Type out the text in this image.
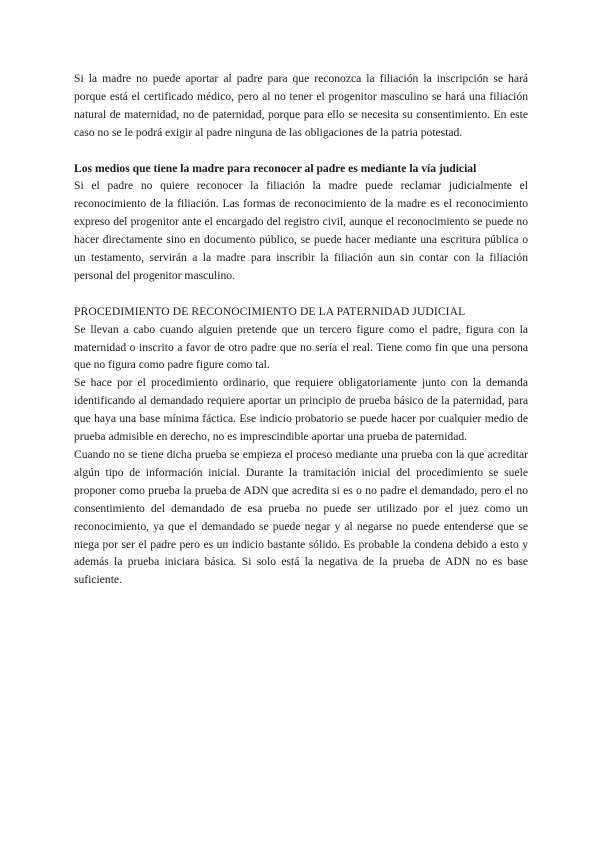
Si la madre no puede aportar al padre para que reconozca la filiación la inscripción se hará porque está el certificado médico, pero al no tener el progenitor masculino se hará una filiación natural de maternidad, no de paternidad, porque para ello se necesita su consentimiento. En este caso no se le podrá exigir al padre ninguna de las obligaciones de la patria potestad.

Los medios que tiene la madre para reconocer al padre es mediante la vía judicial

Si el padre no quiere reconocer la filiación la madre puede reclamar judicialmente el reconocimiento de la filiación. Las formas de reconocimiento de la madre es el reconocimiento expreso del progenitor ante el encargado del registro civil, aunque el reconocimiento se puede no hacer directamente sino en documento público, se puede hacer mediante una escritura pública o un testamento, servirán a la madre para inscribir la filiación aun sin contar con la filiación personal del progenitor masculino.

PROCEDIMIENTO DE RECONOCIMIENTO DE LA PATERNIDAD JUDICIAL

Se llevan a cabo cuando alguien pretende que un tercero figure como el padre, figura con la maternidad o inscrito a favor de otro padre que no sería el real. Tiene como fin que una persona que no figura como padre figure como tal.

Se hace por el procedimiento ordinario, que requiere obligatoriamente junto con la demanda identificando al demandado requiere aportar un principio de prueba básico de la paternidad, para que haya una base mínima fáctica. Ese indicio probatorio se puede hacer por cualquier medio de prueba admisible en derecho, no es imprescindible aportar una prueba de paternidad.

Cuando no se tiene dicha prueba se empieza el proceso mediante una prueba con la que acreditar algún tipo de información inicial. Durante la tramitación inicial del procedimiento se suele proponer como prueba la prueba de ADN que acredita si es o no padre el demandado, pero el no consentimiento del demandado de esa prueba no puede ser utilizado por el juez como un reconocimiento, ya que el demandado se puede negar y al negarse no puede entenderse que se niega por ser el padre pero es un indicio bastante sólido. Es probable la condena debido a esto y además la prueba iniciara básica. Si solo está la negativa de la prueba de ADN no es base suficiente.
